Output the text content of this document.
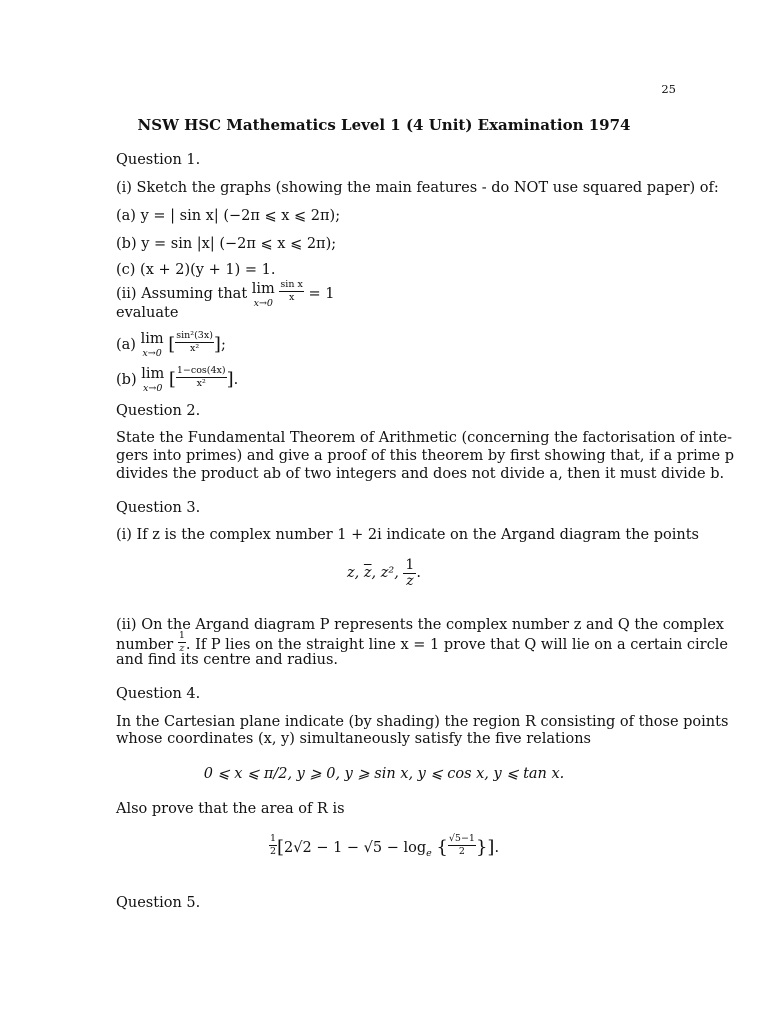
25
NSW HSC Mathematics Level 1 (4 Unit) Examination 1974
Question 1.
(i) Sketch the graphs (showing the main features - do NOT use squared paper) of:
(a) y = | sin x| (−2π ⩽ x ⩽ 2π);
(b) y = sin |x| (−2π ⩽ x ⩽ 2π);
(c) (x + 2)(y + 1) = 1.
(ii) Assuming that lim
x→0

$\frac{\text{sin x}}{x} = 1$
evaluate
(a) lim
x→0 [ $\frac{\text{sin²(3x)}}{\text{x²}}$ ];
(b) lim
x→0 [ $\frac{1-\cos(4x)}{\text{x²}}$ ].
Question 2.
State the Fundamental Theorem of Arithmetic (concerning the factorisation of inte-
gers into primes) and give a proof of this theorem by first showing that, if a prime p
divides the product ab of two integers and does not divide a, then it must divide b.
Question 3.
(i) If z is the complex number 1 + 2i indicate on the Argand diagram the points
z, $\overline{z}$, z², $\frac{1}{z}$ .
(ii) On the Argand diagram P represents the complex number z and Q the complex
number $\frac{1}{z}$ . If P lies on the straight line x = 1 prove that Q will lie on a certain circle
and find its centre and radius.
Question 4.
In the Cartesian plane indicate (by shading) the region R consisting of those points
whose coordinates (x, y) simultaneously satisfy the five relations
0 ⩽ x ⩽ π/2, y ⩾ 0, y ⩾ sin x, y ⩽ cos x, y ⩽ tan x.
Also prove that the area of R is
$\frac{1}{2} [2√2 - 1 - √5 - \log_e$ { $\frac{√5-1}{2}$ }].
Question 5.
